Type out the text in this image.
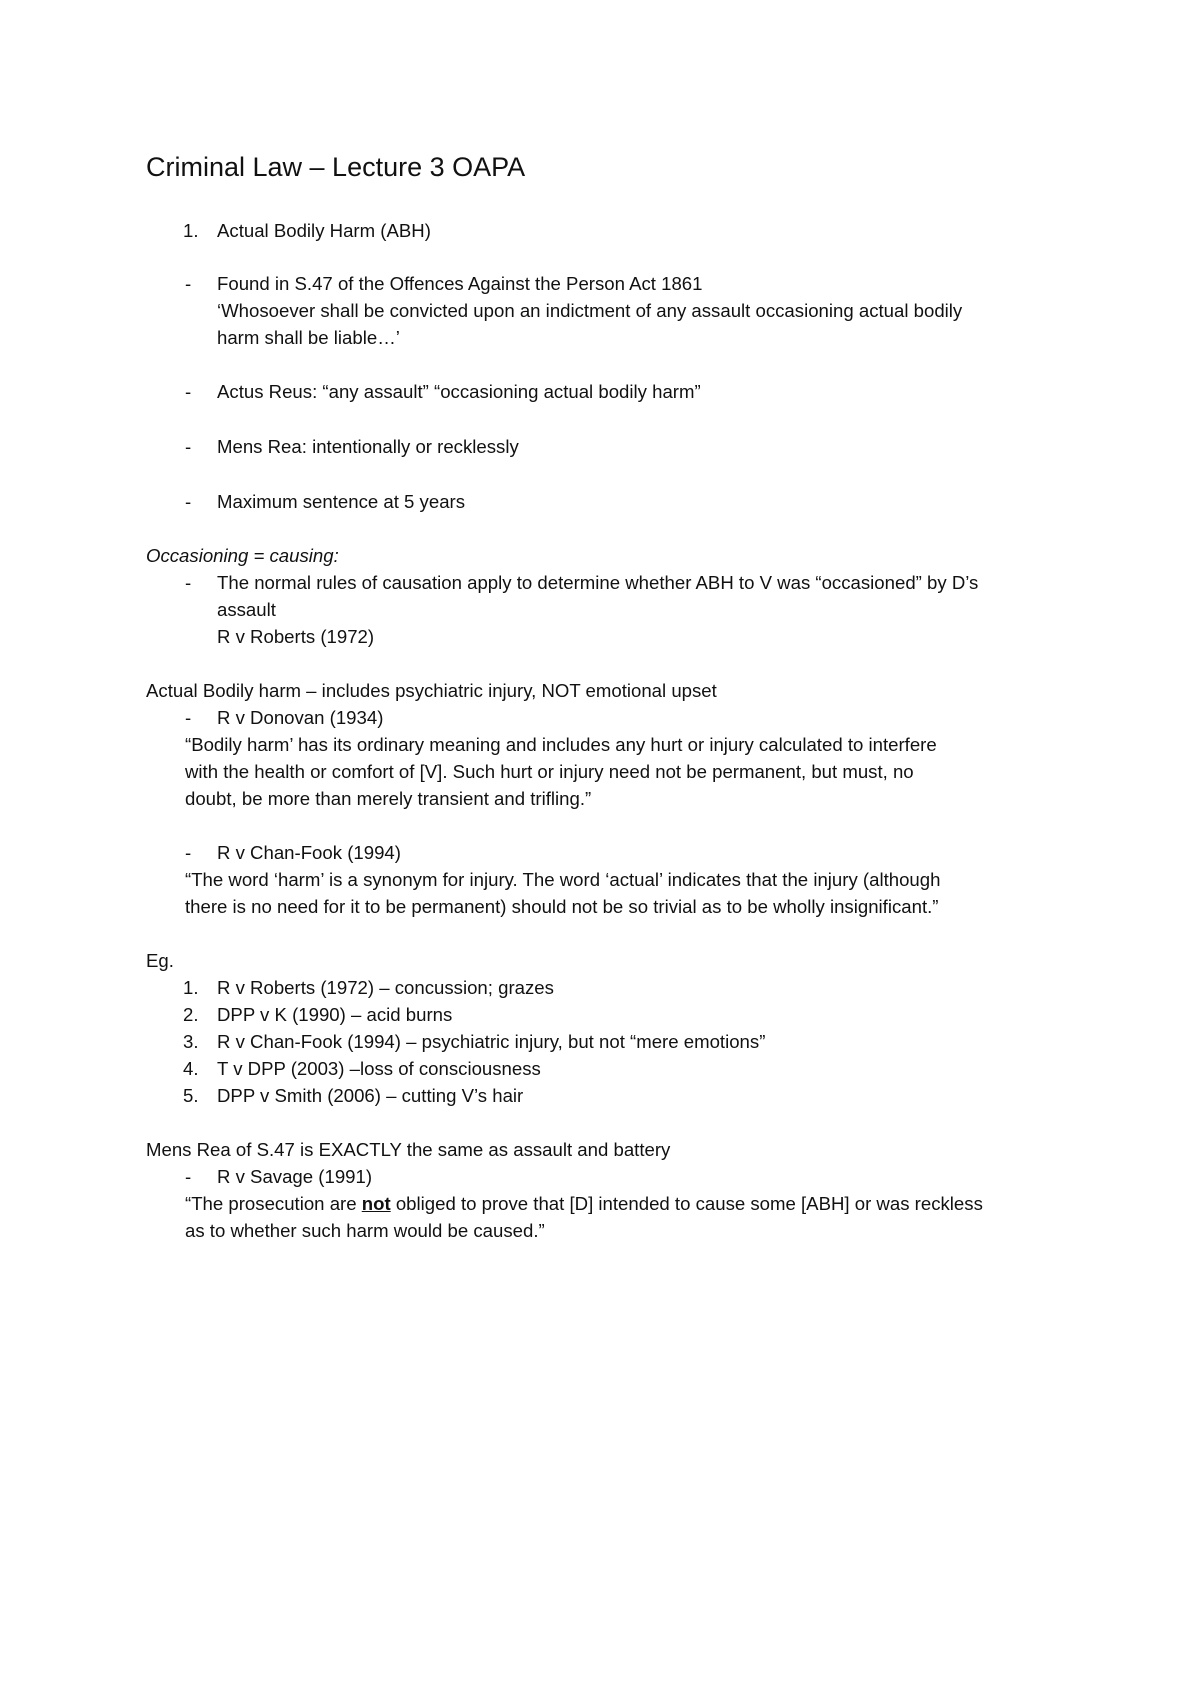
Criminal Law – Lecture 3 OAPA
1. Actual Bodily Harm (ABH)
- Found in S.47 of the Offences Against the Person Act 1861
‘Whosoever shall be convicted upon an indictment of any assault occasioning actual bodily
harm shall be liable…’
- Actus Reus: “any assault” “occasioning actual bodily harm”
- Mens Rea: intentionally or recklessly
- Maximum sentence at 5 years
Occasioning = causing:
- The normal rules of causation apply to determine whether ABH to V was “occasioned” by D’s
assault
R v Roberts (1972)
Actual Bodily harm – includes psychiatric injury, NOT emotional upset
- R v Donovan (1934)
“Bodily harm’ has its ordinary meaning and includes any hurt or injury calculated to interfere
with the health or comfort of [V]. Such hurt or injury need not be permanent, but must, no
doubt, be more than merely transient and trifling.”
- R v Chan-Fook (1994)
“The word ‘harm’ is a synonym for injury. The word ‘actual’ indicates that the injury (although
there is no need for it to be permanent) should not be so trivial as to be wholly insignificant.”
Eg.
1. R v Roberts (1972) – concussion; grazes
2. DPP v K (1990) – acid burns
3. R v Chan-Fook (1994) – psychiatric injury, but not “mere emotions”
4. T v DPP (2003) –loss of consciousness
5. DPP v Smith (2006) – cutting V’s hair
Mens Rea of S.47 is EXACTLY the same as assault and battery
- R v Savage (1991)
“The prosecution are not obliged to prove that [D] intended to cause some [ABH] or was reckless
as to whether such harm would be caused.”
